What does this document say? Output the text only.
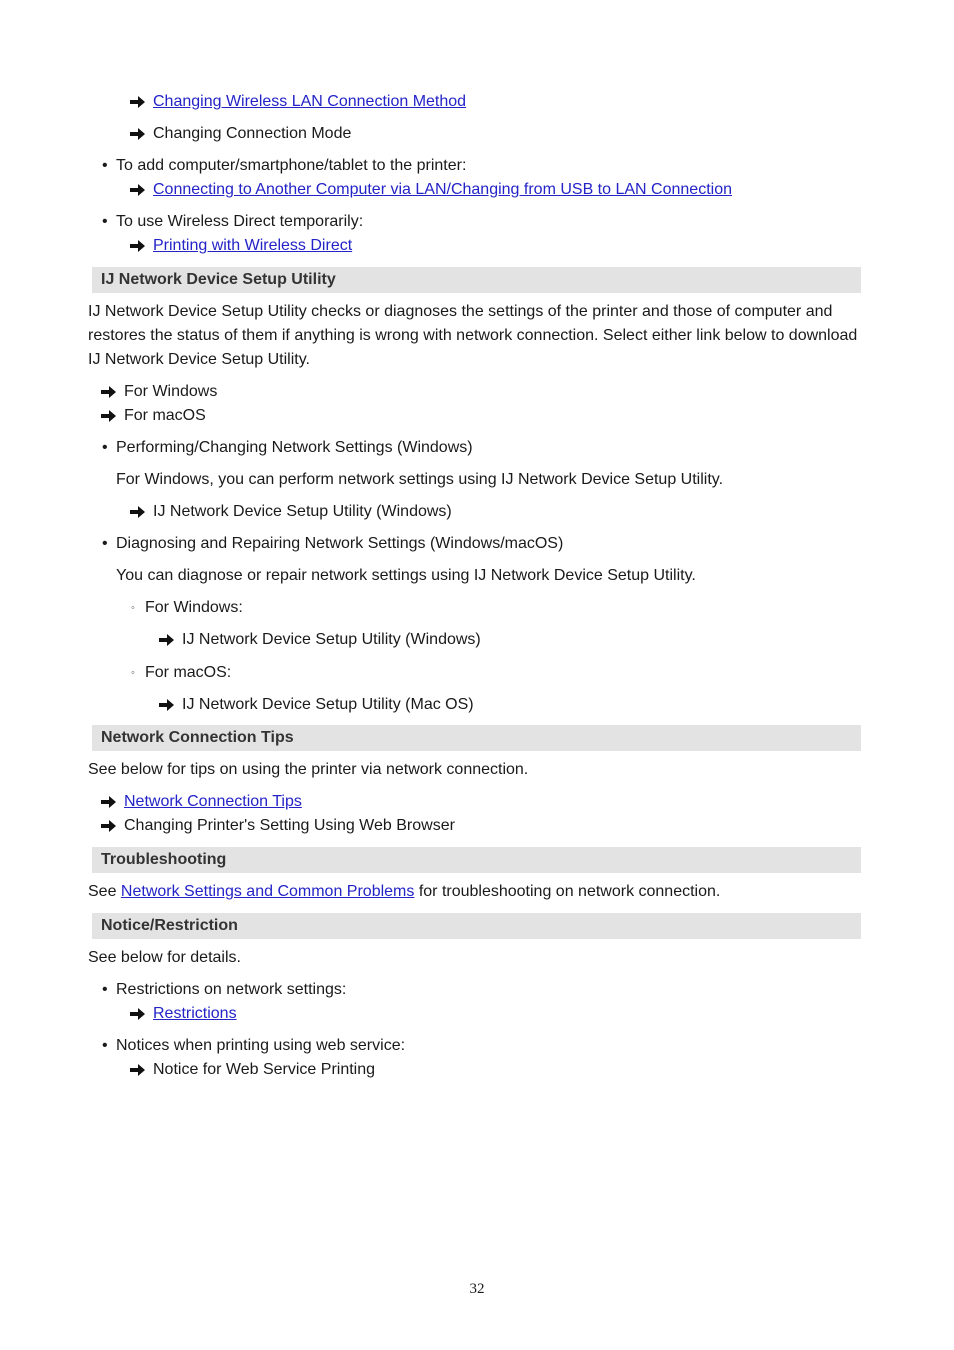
Changing Wireless LAN Connection Method
Changing Connection Mode
• To add computer/smartphone/tablet to the printer:
Connecting to Another Computer via LAN/Changing from USB to LAN Connection
• To use Wireless Direct temporarily:
Printing with Wireless Direct
IJ Network Device Setup Utility
IJ Network Device Setup Utility checks or diagnoses the settings of the printer and those of computer and
restores the status of them if anything is wrong with network connection. Select either link below to download
IJ Network Device Setup Utility.
For Windows
For macOS
• Performing/Changing Network Settings (Windows)
For Windows, you can perform network settings using IJ Network Device Setup Utility.
IJ Network Device Setup Utility (Windows)
• Diagnosing and Repairing Network Settings (Windows/macOS)
You can diagnose or repair network settings using IJ Network Device Setup Utility.
◦ For Windows:
IJ Network Device Setup Utility (Windows)
◦ For macOS:
IJ Network Device Setup Utility (Mac OS)
Network Connection Tips
See below for tips on using the printer via network connection.
Network Connection Tips
Changing Printer's Setting Using Web Browser
Troubleshooting
See Network Settings and Common Problems for troubleshooting on network connection.
Notice/Restriction
See below for details.
• Restrictions on network settings:
Restrictions
• Notices when printing using web service:
Notice for Web Service Printing
32
